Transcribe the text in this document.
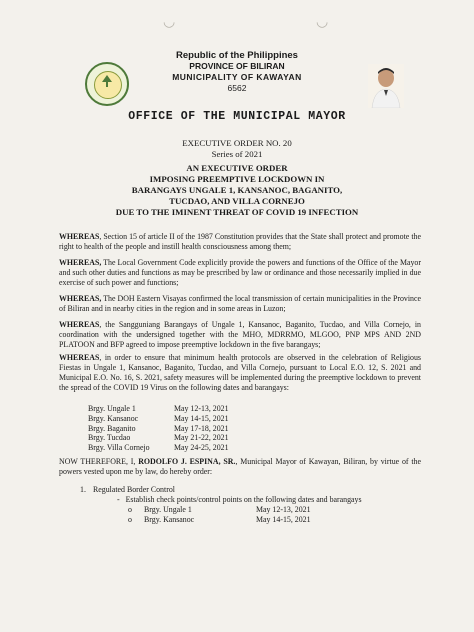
◡	◡
Republic of the Philippines
PROVINCE OF BILIRAN
MUNICIPALITY OF KAWAYAN
6562
OFFICE OF THE MUNICIPAL MAYOR
EXECUTIVE ORDER NO. 20
Series of 2021
AN EXECUTIVE ORDER
IMPOSING PREEMPTIVE LOCKDOWN IN
BARANGAYS UNGALE 1, KANSANOC, BAGANITO,
TUCDAO, AND VILLA CORNEJO
DUE TO THE IMINENT THREAT OF COVID 19 INFECTION
WHEREAS, Section 15 of article II of the 1987 Constitution provides that the State shall protect and promote the right to health of the people and instill health consciousness among them;
WHEREAS, The Local Government Code explicitly provide the powers and functions of the Office of the Mayor and such other duties and functions as may be prescribed by law or ordinance and those necessarily implied in due exercise of such power and functions;
WHEREAS, The DOH Eastern Visayas confirmed the local transmission of certain municipalities in the Province of Biliran and in nearby cities in the region and in some areas in Luzon;
WHEREAS, the Sangguniang Barangays of Ungale 1, Kansanoc, Baganito, Tucdao, and Villa Cornejo, in coordination with the undersigned together with the MHO, MDRRMO, MLGOO, PNP MPS AND 2ND PLATOON and BFP agreed to impose preemptive lockdown in the five barangays;
WHEREAS, in order to ensure that minimum health protocols are observed in the celebration of Religious Fiestas in Ungale 1, Kansanoc, Baganito, Tucdao, and Villa Cornejo, pursuant to Local E.O. 12, S. 2021 and Municipal E.O. No. 16, S. 2021, safety measures will be implemented during the preemptive lockdown to prevent the spread of the COVID 19 Virus on the following dates and barangays:
Brgy. Ungale 1	May 12-13, 2021
Brgy. Kansanoc	May 14-15, 2021
Brgy. Baganito	May 17-18, 2021
Brgy. Tucdao	May 21-22, 2021
Brgy. Villa Cornejo	May 24-25, 2021
NOW THEREFORE, I, RODOLFO J. ESPINA, SR., Municipal Mayor of Kawayan, Biliran, by virtue of the powers vested upon me by law, do hereby order:
1. Regulated Border Control
- Establish check points/control points on the following dates and barangays
o	Brgy. Ungale 1	May 12-13, 2021
o	Brgy. Kansanoc	May 14-15, 2021
